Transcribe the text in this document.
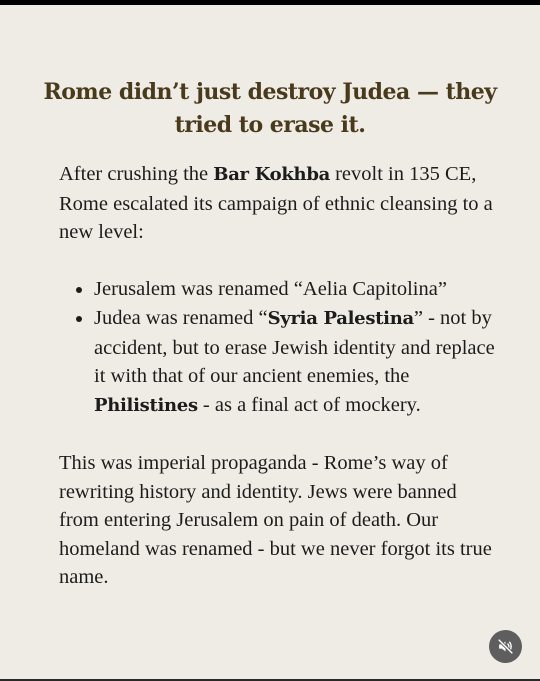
Rome didn’t just destroy Judea — they tried to erase it.

After crushing the Bar Kokhba revolt in 135 CE, Rome escalated its campaign of ethnic cleansing to a new level:

• Jerusalem was renamed “Aelia Capitolina”
• Judea was renamed “Syria Palestina” - not by accident, but to erase Jewish identity and replace it with that of our ancient enemies, the Philistines - as a final act of mockery.

This was imperial propaganda - Rome’s way of rewriting history and identity. Jews were banned from entering Jerusalem on pain of death. Our homeland was renamed - but we never forgot its true name.
